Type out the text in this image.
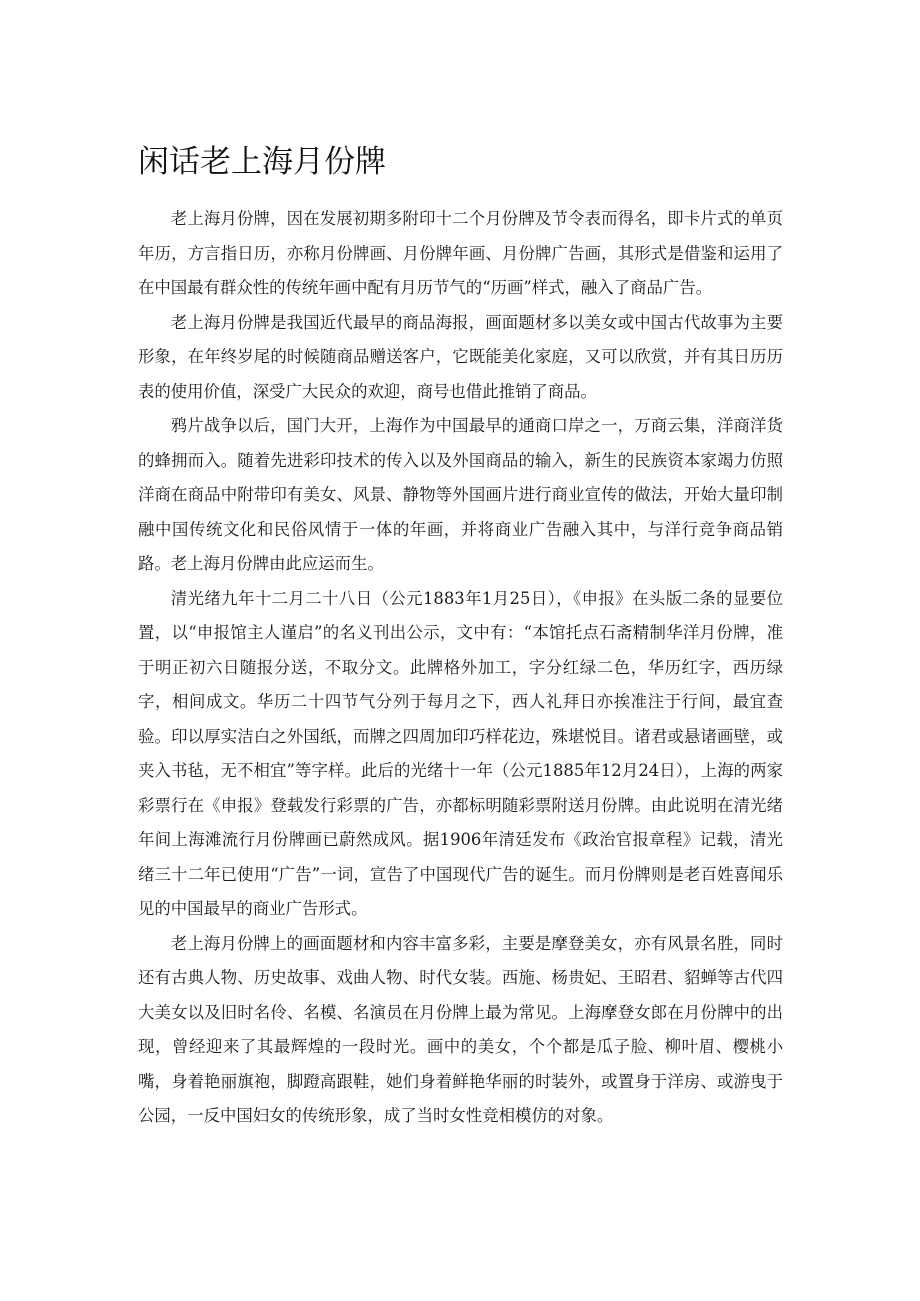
闲话老上海月份牌

老上海月份牌，因在发展初期多附印十二个月份牌及节令表而得名，即卡片式的单页年历，方言指日历，亦称月份牌画、月份牌年画、月份牌广告画，其形式是借鉴和运用了在中国最有群众性的传统年画中配有月历节气的“历画”样式，融入了商品广告。

老上海月份牌是我国近代最早的商品海报，画面题材多以美女或中国古代故事为主要形象，在年终岁尾的时候随商品赠送客户，它既能美化家庭，又可以欣赏，并有其日历历表的使用价值，深受广大民众的欢迎，商号也借此推销了商品。

鸦片战争以后，国门大开，上海作为中国最早的通商口岸之一，万商云集，洋商洋货的蜂拥而入。随着先进彩印技术的传入以及外国商品的输入，新生的民族资本家竭力仿照洋商在商品中附带印有美女、风景、静物等外国画片进行商业宣传的做法，开始大量印制融中国传统文化和民俗风情于一体的年画，并将商业广告融入其中，与洋行竞争商品销路。老上海月份牌由此应运而生。

清光绪九年十二月二十八日（公元1883年1月25日），《申报》在头版二条的显要位置，以“申报馆主人谨启”的名义刊出公示，文中有：“本馆托点石斋精制华洋月份牌，准于明正初六日随报分送，不取分文。此牌格外加工，字分红绿二色，华历红字，西历绿字，相间成文。华历二十四节气分列于每月之下，西人礼拜日亦挨准注于行间，最宜查验。印以厚实洁白之外国纸，而牌之四周加印巧样花边，殊堪悦目。诸君或悬诸画壁，或夹入书毡，无不相宜”等字样。此后的光绪十一年（公元1885年12月24日），上海的两家彩票行在《申报》登载发行彩票的广告，亦都标明随彩票附送月份牌。由此说明在清光绪年间上海滩流行月份牌画已蔚然成风。据1906年清廷发布《政治官报章程》记载，清光绪三十二年已使用“广告”一词，宣告了中国现代广告的诞生。而月份牌则是老百姓喜闻乐见的中国最早的商业广告形式。

老上海月份牌上的画面题材和内容丰富多彩，主要是摩登美女，亦有风景名胜，同时还有古典人物、历史故事、戏曲人物、时代女装。西施、杨贵妃、王昭君、貂蝉等古代四大美女以及旧时名伶、名模、名演员在月份牌上最为常见。上海摩登女郎在月份牌中的出现，曾经迎来了其最辉煌的一段时光。画中的美女，个个都是瓜子脸、柳叶眉、樱桃小嘴，身着艳丽旗袍，脚蹬高跟鞋，她们身着鲜艳华丽的时装外，或置身于洋房、或游曳于公园，一反中国妇女的传统形象，成了当时女性竞相模仿的对象。
